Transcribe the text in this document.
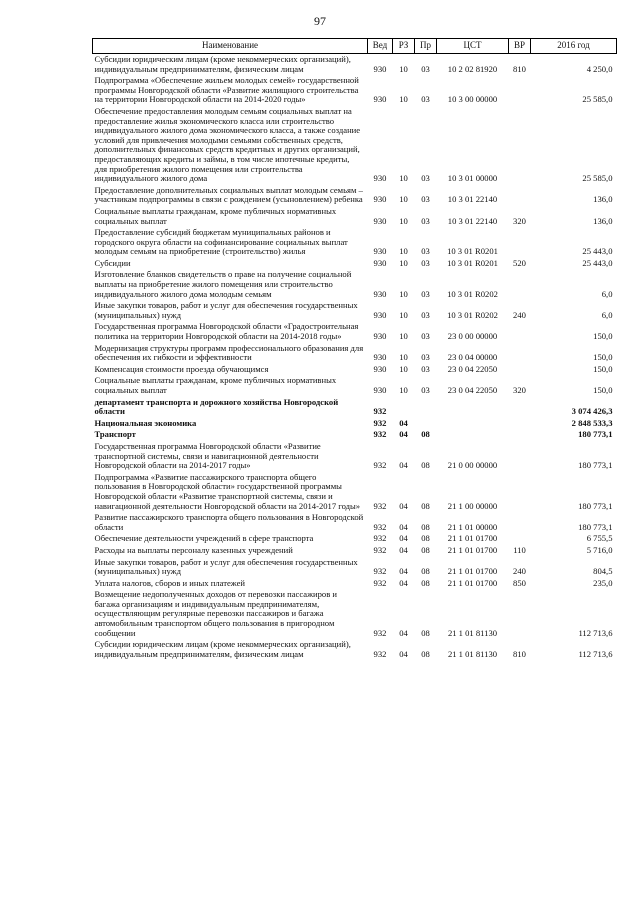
97
Наименование	Вед	РЗ	Пр	ЦСТ	ВР	2016 год
Субсидии юридическим лицам (кроме некоммерческих организаций), индивидуальным предпринимателям, физическим лицам	930	10	03	10 2 02 81920	810	4 250,0
Подпрограмма «Обеспечение жильем молодых семей» государственной программы Новгородской области «Развитие жилищного строительства на территории Новгородской области на 2014-2020 годы»	930	10	03	10 3 00 00000		25 585,0
Обеспечение предоставления молодым семьям социальных выплат на предоставление жилья экономического класса или строительство индивидуального жилого дома экономического класса, а также создание условий для привлечения молодыми семьями собственных средств, дополнительных финансовых средств кредитных и других организаций, предоставляющих кредиты и займы, в том числе ипотечные кредиты, для приобретения жилого помещения или строительства индивидуального жилого дома	930	10	03	10 3 01 00000		25 585,0
Предоставление дополнительных социальных выплат молодым семьям – участникам подпрограммы в связи с рождением (усыновлением) ребенка	930	10	03	10 3 01 22140		136,0
Социальные выплаты гражданам, кроме публичных нормативных социальных выплат	930	10	03	10 3 01 22140	320	136,0
Предоставление субсидий бюджетам муниципальных районов и городского округа области на софинансирование социальных выплат молодым семьям на приобретение (строительство) жилья	930	10	03	10 3 01 R0201		25 443,0
Субсидии	930	10	03	10 3 01 R0201	520	25 443,0
Изготовление бланков свидетельств о праве на получение социальной выплаты на приобретение жилого помещения или строительство индивидуального жилого дома молодым семьям	930	10	03	10 3 01 R0202		6,0
Иные закупки товаров, работ и услуг для обеспечения государственных (муниципальных) нужд	930	10	03	10 3 01 R0202	240	6,0
Государственная программа Новгородской области «Градостроительная политика на территории Новгородской области на 2014-2018 годы»	930	10	03	23 0 00 00000		150,0
Модернизация структуры программ профессионального образования для обеспечения их гибкости и эффективности	930	10	03	23 0 04 00000		150,0
Компенсация стоимости проезда обучающимся	930	10	03	23 0 04 22050		150,0
Социальные выплаты гражданам, кроме публичных нормативных социальных выплат	930	10	03	23 0 04 22050	320	150,0
департамент транспорта и дорожного хозяйства Новгородской области	932					3 074 426,3
Национальная экономика	932	04				2 848 533,3
Транспорт	932	04	08			180 773,1
Государственная программа Новгородской области «Развитие транспортной системы, связи и навигационной деятельности Новгородской области на 2014-2017 годы»	932	04	08	21 0 00 00000		180 773,1
Подпрограмма «Развитие пассажирского транспорта общего пользования в Новгородской области» государственной программы Новгородской области «Развитие транспортной системы, связи и навигационной деятельности Новгородской области на 2014-2017 годы»	932	04	08	21 1 00 00000		180 773,1
Развитие пассажирского транспорта общего пользования в Новгородской области	932	04	08	21 1 01 00000		180 773,1
Обеспечение деятельности учреждений в сфере транспорта	932	04	08	21 1 01 01700		6 755,5
Расходы на выплаты персоналу казенных учреждений	932	04	08	21 1 01 01700	110	5 716,0
Иные закупки товаров, работ и услуг для обеспечения государственных (муниципальных) нужд	932	04	08	21 1 01 01700	240	804,5
Уплата налогов, сборов и иных платежей	932	04	08	21 1 01 01700	850	235,0
Возмещение недополученных доходов от перевозки пассажиров и багажа организациям и индивидуальным предпринимателям, осуществляющим регулярные перевозки пассажиров и багажа автомобильным транспортом общего пользования в пригородном сообщении	932	04	08	21 1 01 81130		112 713,6
Субсидии юридическим лицам (кроме некоммерческих организаций), индивидуальным предпринимателям, физическим лицам	932	04	08	21 1 01 81130	810	112 713,6
